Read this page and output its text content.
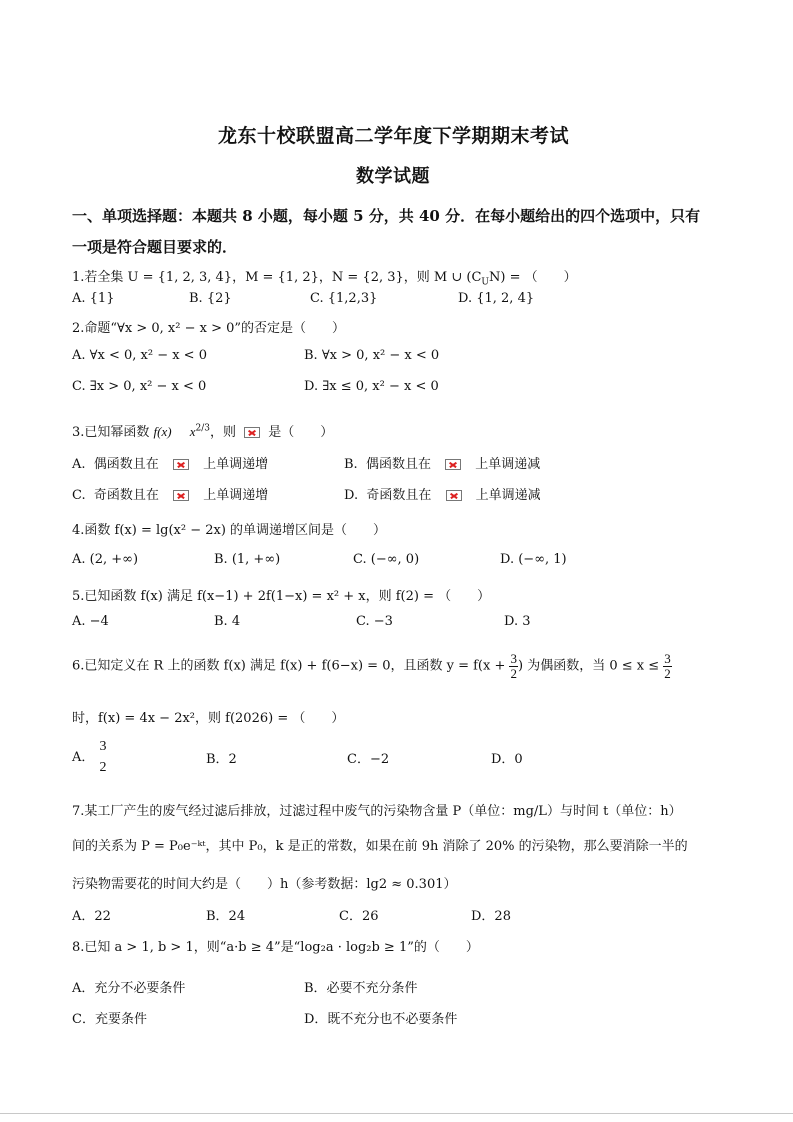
龙东十校联盟高二学年度下学期期末考试
数学试题
一、单项选择题：本题共 8 小题，每小题 5 分，共 40 分．在每小题给出的四个选项中，只有
一项是符合题目要求的．
1.若全集 U = {1, 2, 3, 4}，M = {1, 2}，N = {2, 3}，则 M ∪ $(C_UN)$ = （　　）
A. {1}	B. {2}	C. {1,2,3}	D. {1, 2, 4}
2.命题“∀x > 0, x² − x > 0”的否定是（　　）
A. ∀x < 0, x² − x < 0	B. ∀x > 0, x² − x < 0
C. ∃x > 0, x² − x < 0	D. ∃x ≤ 0, x² − x < 0
3.已知幂函数 f(x) $x^{2/3}$，则 是（　　）
A. 偶函数且在	上单调递增	B. 偶函数且在	上单调递减
C. 奇函数且在	上单调递增	D. 奇函数且在	上单调递减
4.函数 f(x) = lg(x² − 2x) 的单调递增区间是（　　）
A. (2, +∞)	B. (1, +∞)	C. (−∞, 0)	D. (−∞, 1)
5.已知函数 f(x) 满足 f(x−1) + 2f(1−x) = x² + x，则 f(2) = （　　）
A. −4	B. 4	C. −3	D. 3
6.已知定义在 R 上的函数 f(x) 满足 f(x) + f(6−x) = 0，且函数 $y = f(x + \frac{3}{2}$ ) 为偶函数，当 $0 \le x \le \frac{3}{2}$
时，f(x) = 4x − 2x²，则 f(2026) = （　　）
A．
3
2
B．2	C．−2	D．0
7.某工厂产生的废气经过滤后排放，过滤过程中废气的污染物含量 P（单位：mg/L）与时间 t（单位：h）
间的关系为 P = P₀e⁻ᵏᵗ，其中 P₀，k 是正的常数，如果在前 9h 消除了 20% 的污染物，那么要消除一半的
污染物需要花的时间大约是（　　）h（参考数据：lg2 ≈ 0.301）
A．22	B．24	C．26	D．28
8.已知 a > 1, b > 1，则“a·b ≥ 4”是“log₂a · log₂b ≥ 1”的（　　）
A．充分不必要条件	B．必要不充分条件
C．充要条件	D．既不充分也不必要条件
